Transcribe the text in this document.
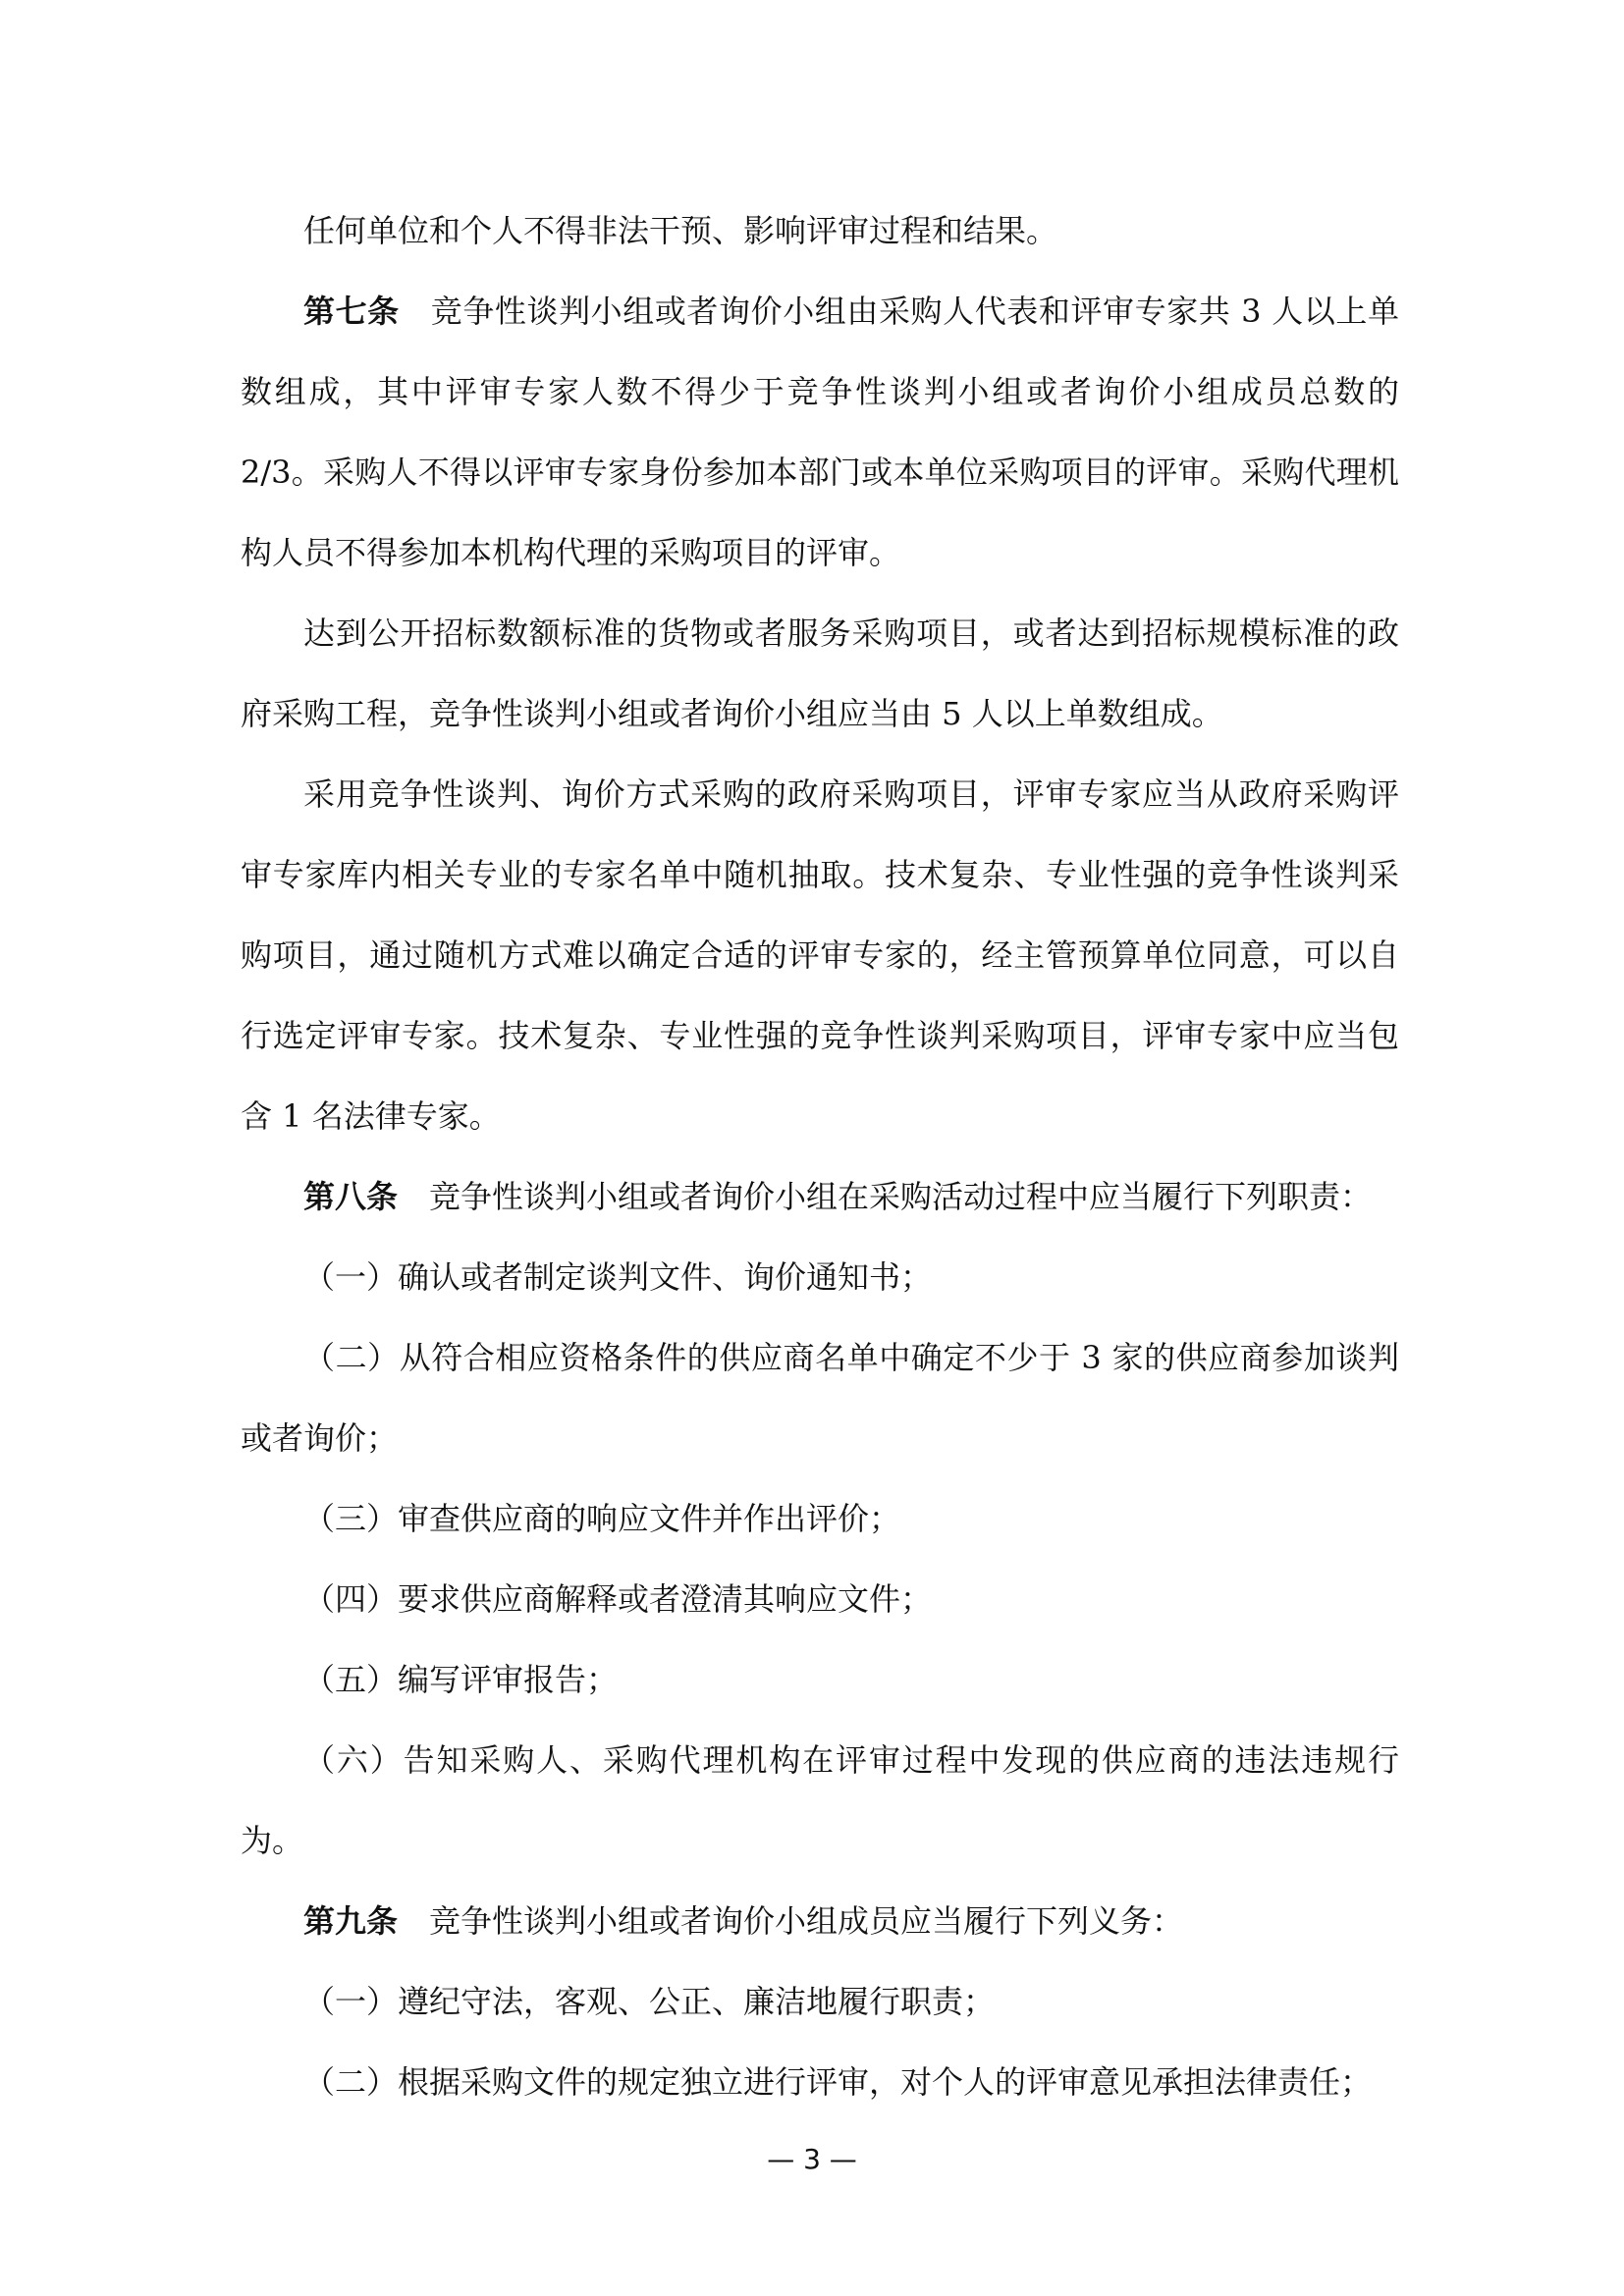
任何单位和个人不得非法干预、影响评审过程和结果。

第七条 竞争性谈判小组或者询价小组由采购人代表和评审专家共 3 人以上单数组成，其中评审专家人数不得少于竞争性谈判小组或者询价小组成员总数的 2/3。采购人不得以评审专家身份参加本部门或本单位采购项目的评审。采购代理机构人员不得参加本机构代理的采购项目的评审。

达到公开招标数额标准的货物或者服务采购项目，或者达到招标规模标准的政府采购工程，竞争性谈判小组或者询价小组应当由 5 人以上单数组成。

采用竞争性谈判、询价方式采购的政府采购项目，评审专家应当从政府采购评审专家库内相关专业的专家名单中随机抽取。技术复杂、专业性强的竞争性谈判采购项目，通过随机方式难以确定合适的评审专家的，经主管预算单位同意，可以自行选定评审专家。技术复杂、专业性强的竞争性谈判采购项目，评审专家中应当包含 1 名法律专家。

第八条 竞争性谈判小组或者询价小组在采购活动过程中应当履行下列职责：

（一）确认或者制定谈判文件、询价通知书；

（二）从符合相应资格条件的供应商名单中确定不少于 3 家的供应商参加谈判或者询价；

（三）审查供应商的响应文件并作出评价；

（四）要求供应商解释或者澄清其响应文件；

（五）编写评审报告；

（六）告知采购人、采购代理机构在评审过程中发现的供应商的违法违规行为。

第九条 竞争性谈判小组或者询价小组成员应当履行下列义务：

（一）遵纪守法，客观、公正、廉洁地履行职责；

（二）根据采购文件的规定独立进行评审，对个人的评审意见承担法律责任；

— 3 —
